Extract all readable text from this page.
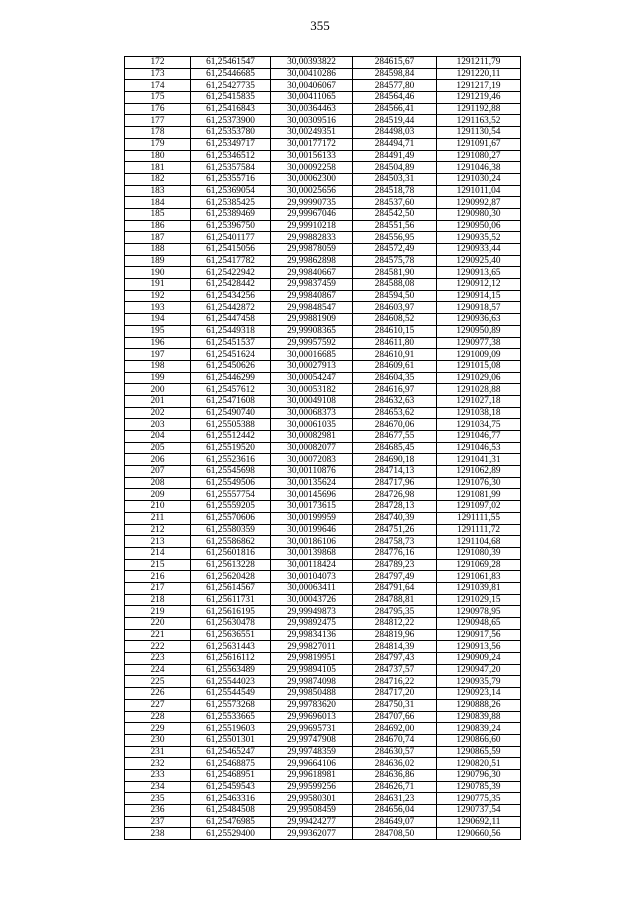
355
172	61,25461547	30,00393822	284615,67	1291211,79
173	61,25446685	30,00410286	284598,84	1291220,11
174	61,25427735	30,00406067	284577,80	1291217,19
175	61,25415835	30,00411065	284564,46	1291219,46
176	61,25416843	30,00364463	284566,41	1291192,88
177	61,25373900	30,00309516	284519,44	1291163,52
178	61,25353780	30,00249351	284498,03	1291130,54
179	61,25349717	30,00177172	284494,71	1291091,67
180	61,25346512	30,00156133	284491,49	1291080,27
181	61,25357584	30,00092258	284504,89	1291046,38
182	61,25355716	30,00062300	284503,31	1291030,24
183	61,25369054	30,00025656	284518,78	1291011,04
184	61,25385425	29,99990735	284537,60	1290992,87
185	61,25389469	29,99967046	284542,50	1290980,30
186	61,25396750	29,99910218	284551,56	1290950,06
187	61,25401177	29,99882833	284556,95	1290935,52
188	61,25415056	29,99878059	284572,49	1290933,44
189	61,25417782	29,99862898	284575,78	1290925,40
190	61,25422942	29,99840667	284581,90	1290913,65
191	61,25428442	29,99837459	284588,08	1290912,12
192	61,25434256	29,99840867	284594,50	1290914,15
193	61,25442872	29,99848547	284603,97	1290918,57
194	61,25447458	29,99881909	284608,52	1290936,63
195	61,25449318	29,99908365	284610,15	1290950,89
196	61,25451537	29,99957592	284611,80	1290977,38
197	61,25451624	30,00016685	284610,91	1291009,09
198	61,25450626	30,00027913	284609,61	1291015,08
199	61,25446299	30,00054247	284604,35	1291029,06
200	61,25457612	30,00053182	284616,97	1291028,88
201	61,25471608	30,00049108	284632,63	1291027,18
202	61,25490740	30,00068373	284653,62	1291038,18
203	61,25505388	30,00061035	284670,06	1291034,75
204	61,25512442	30,00082981	284677,55	1291046,77
205	61,25519520	30,00082077	284685,45	1291046,53
206	61,25523616	30,00072083	284690,18	1291041,31
207	61,25545698	30,00110876	284714,13	1291062,89
208	61,25549506	30,00135624	284717,96	1291076,30
209	61,25557754	30,00145696	284726,98	1291081,99
210	61,25559205	30,00173615	284728,13	1291097,02
211	61,25570606	30,00199959	284740,39	1291111,55
212	61,25580359	30,00199646	284751,26	1291111,72
213	61,25586862	30,00186106	284758,73	1291104,68
214	61,25601816	30,00139868	284776,16	1291080,39
215	61,25613228	30,00118424	284789,23	1291069,28
216	61,25620428	30,00104073	284797,49	1291061,83
217	61,25614567	30,00063411	284791,64	1291039,81
218	61,25611731	30,00043726	284788,81	1291029,15
219	61,25616195	29,99949873	284795,35	1290978,95
220	61,25630478	29,99892475	284812,22	1290948,65
221	61,25636551	29,99834136	284819,96	1290917,56
222	61,25631443	29,99827011	284814,39	1290913,56
223	61,25616112	29,99819951	284797,43	1290909,24
224	61,25563489	29,99894105	284737,57	1290947,20
225	61,25544023	29,99874098	284716,22	1290935,79
226	61,25544549	29,99850488	284717,20	1290923,14
227	61,25573268	29,99783620	284750,31	1290888,26
228	61,25533665	29,99696013	284707,66	1290839,88
229	61,25519603	29,99695731	284692,00	1290839,24
230	61,25501301	29,99747908	284670,74	1290866,60
231	61,25465247	29,99748359	284630,57	1290865,59
232	61,25468875	29,99664106	284636,02	1290820,51
233	61,25468951	29,99618981	284636,86	1290796,30
234	61,25459543	29,99599256	284626,71	1290785,39
235	61,25463316	29,99580301	284631,23	1290775,35
236	61,25484508	29,99508459	284656,04	1290737,54
237	61,25476985	29,99424277	284649,07	1290692,11
238	61,25529400	29,99362077	284708,50	1290660,56
